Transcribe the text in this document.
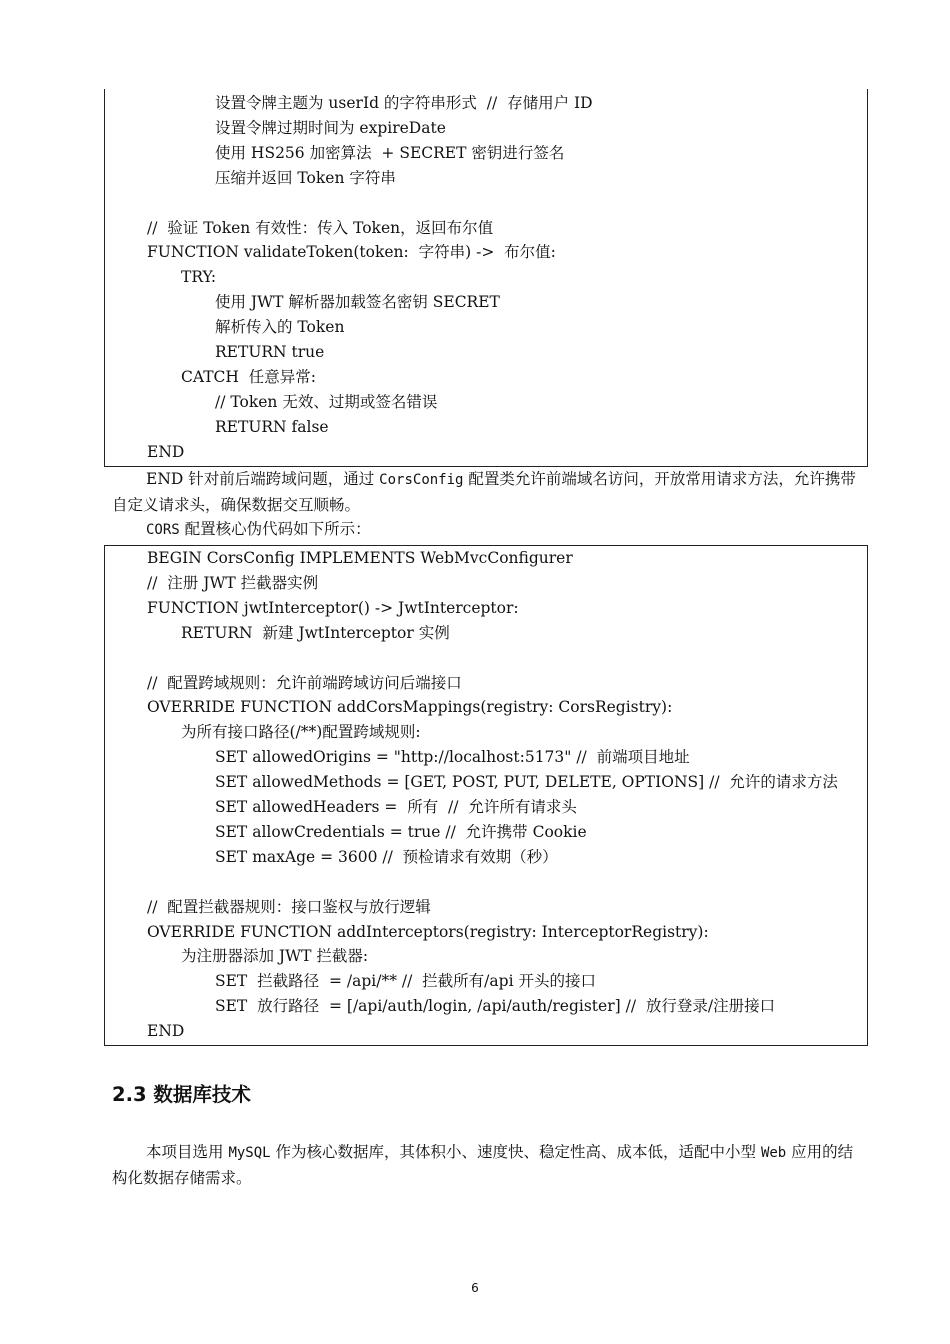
设置令牌主题为 userId 的字符串形式  //  存储用户 ID
设置令牌过期时间为 expireDate
使用 HS256 加密算法  + SECRET 密钥进行签名
压缩并返回 Token 字符串
//  验证 Token 有效性：传入 Token，返回布尔值
FUNCTION validateToken(token:  字符串) ->  布尔值:
TRY:
使用 JWT 解析器加载签名密钥 SECRET
解析传入的 Token
RETURN true
CATCH  任意异常:
// Token 无效、过期或签名错误
RETURN false
END
END 针对前后端跨域问题，通过 CorsConfig 配置类允许前端域名访问，开放常用请求方法，允许携带自定义请求头，确保数据交互顺畅。
CORS 配置核心伪代码如下所示：
BEGIN CorsConfig IMPLEMENTS WebMvcConfigurer
//  注册 JWT 拦截器实例
FUNCTION jwtInterceptor() -> JwtInterceptor:
RETURN  新建 JwtInterceptor 实例
//  配置跨域规则：允许前端跨域访问后端接口
OVERRIDE FUNCTION addCorsMappings(registry: CorsRegistry):
为所有接口路径(/**)配置跨域规则:
SET allowedOrigins = "http://localhost:5173" //  前端项目地址
SET allowedMethods = [GET, POST, PUT, DELETE, OPTIONS] //  允许的请求方法
SET allowedHeaders =  所有  //  允许所有请求头
SET allowCredentials = true //  允许携带 Cookie
SET maxAge = 3600 //  预检请求有效期（秒）
//  配置拦截器规则：接口鉴权与放行逻辑
OVERRIDE FUNCTION addInterceptors(registry: InterceptorRegistry):
为注册器添加 JWT 拦截器:
SET  拦截路径  = /api/** //  拦截所有/api 开头的接口
SET  放行路径  = [/api/auth/login, /api/auth/register] //  放行登录/注册接口
END
2.3 数据库技术
本项目选用 MySQL 作为核心数据库，其体积小、速度快、稳定性高、成本低，适配中小型 Web 应用的结构化数据存储需求。
6
